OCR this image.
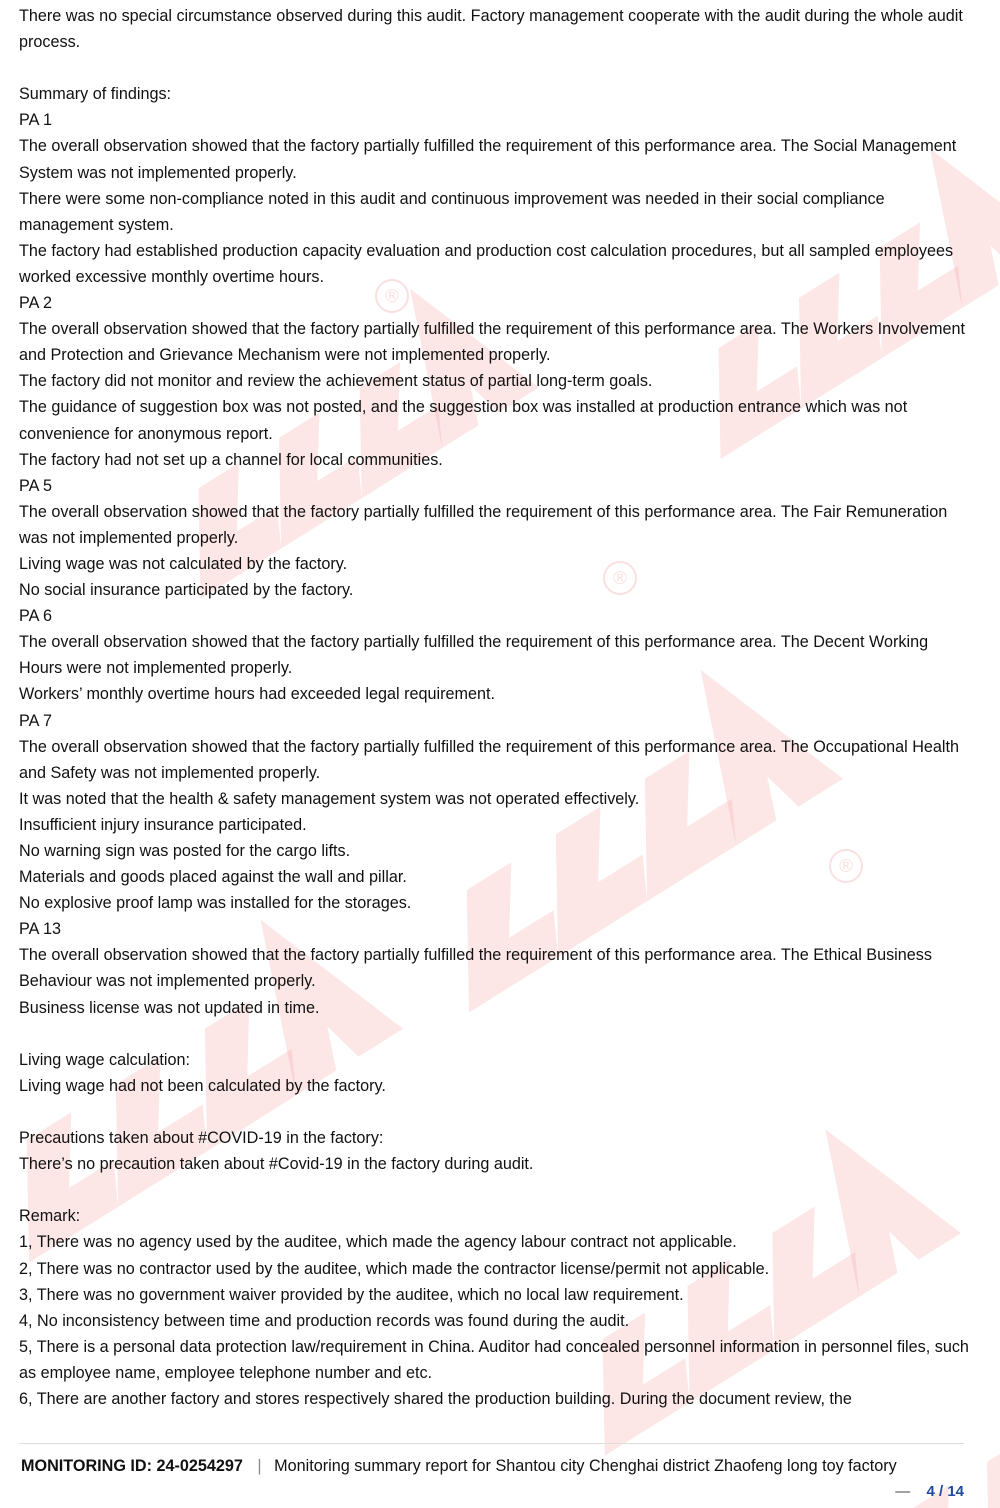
®
®
®

There was no special circumstance observed during this audit. Factory management cooperate with the audit during the whole audit process.

Summary of findings:

PA 1

The overall observation showed that the factory partially fulfilled the requirement of this performance area. The Social Management System was not implemented properly.

There were some non-compliance noted in this audit and continuous improvement was needed in their social compliance management system.

The factory had established production capacity evaluation and production cost calculation procedures, but all sampled employees worked excessive monthly overtime hours.

PA 2

The overall observation showed that the factory partially fulfilled the requirement of this performance area. The Workers Involvement and Protection and Grievance Mechanism were not implemented properly.

The factory did not monitor and review the achievement status of partial long-term goals.

The guidance of suggestion box was not posted, and the suggestion box was installed at production entrance which was not convenience for anonymous report.

The factory had not set up a channel for local communities.

PA 5

The overall observation showed that the factory partially fulfilled the requirement of this performance area. The Fair Remuneration was not implemented properly.

Living wage was not calculated by the factory.

No social insurance participated by the factory.

PA 6

The overall observation showed that the factory partially fulfilled the requirement of this performance area. The Decent Working Hours were not implemented properly.

Workers’ monthly overtime hours had exceeded legal requirement.

PA 7

The overall observation showed that the factory partially fulfilled the requirement of this performance area. The Occupational Health and Safety was not implemented properly.

It was noted that the health & safety management system was not operated effectively.

Insufficient injury insurance participated.

No warning sign was posted for the cargo lifts.

Materials and goods placed against the wall and pillar.

No explosive proof lamp was installed for the storages.

PA 13

The overall observation showed that the factory partially fulfilled the requirement of this performance area. The Ethical Business Behaviour was not implemented properly.

Business license was not updated in time.

Living wage calculation:

Living wage had not been calculated by the factory.

Precautions taken about #COVID-19 in the factory:

There’s no precaution taken about #Covid-19 in the factory during audit.

Remark:

1, There was no agency used by the auditee, which made the agency labour contract not applicable.

2, There was no contractor used by the auditee, which made the contractor license/permit not applicable.

3, There was no government waiver provided by the auditee, which no local law requirement.

4, No inconsistency between time and production records was found during the audit.

5, There is a personal data protection law/requirement in China. Auditor had concealed personnel information in personnel files, such as employee name, employee telephone number and etc.

6, There are another factory and stores respectively shared the production building. During the document review, the

MONITORING ID: 24-0254297 | Monitoring summary report for Shantou city Chenghai district Zhaofeng long toy factory
— 4 / 14
